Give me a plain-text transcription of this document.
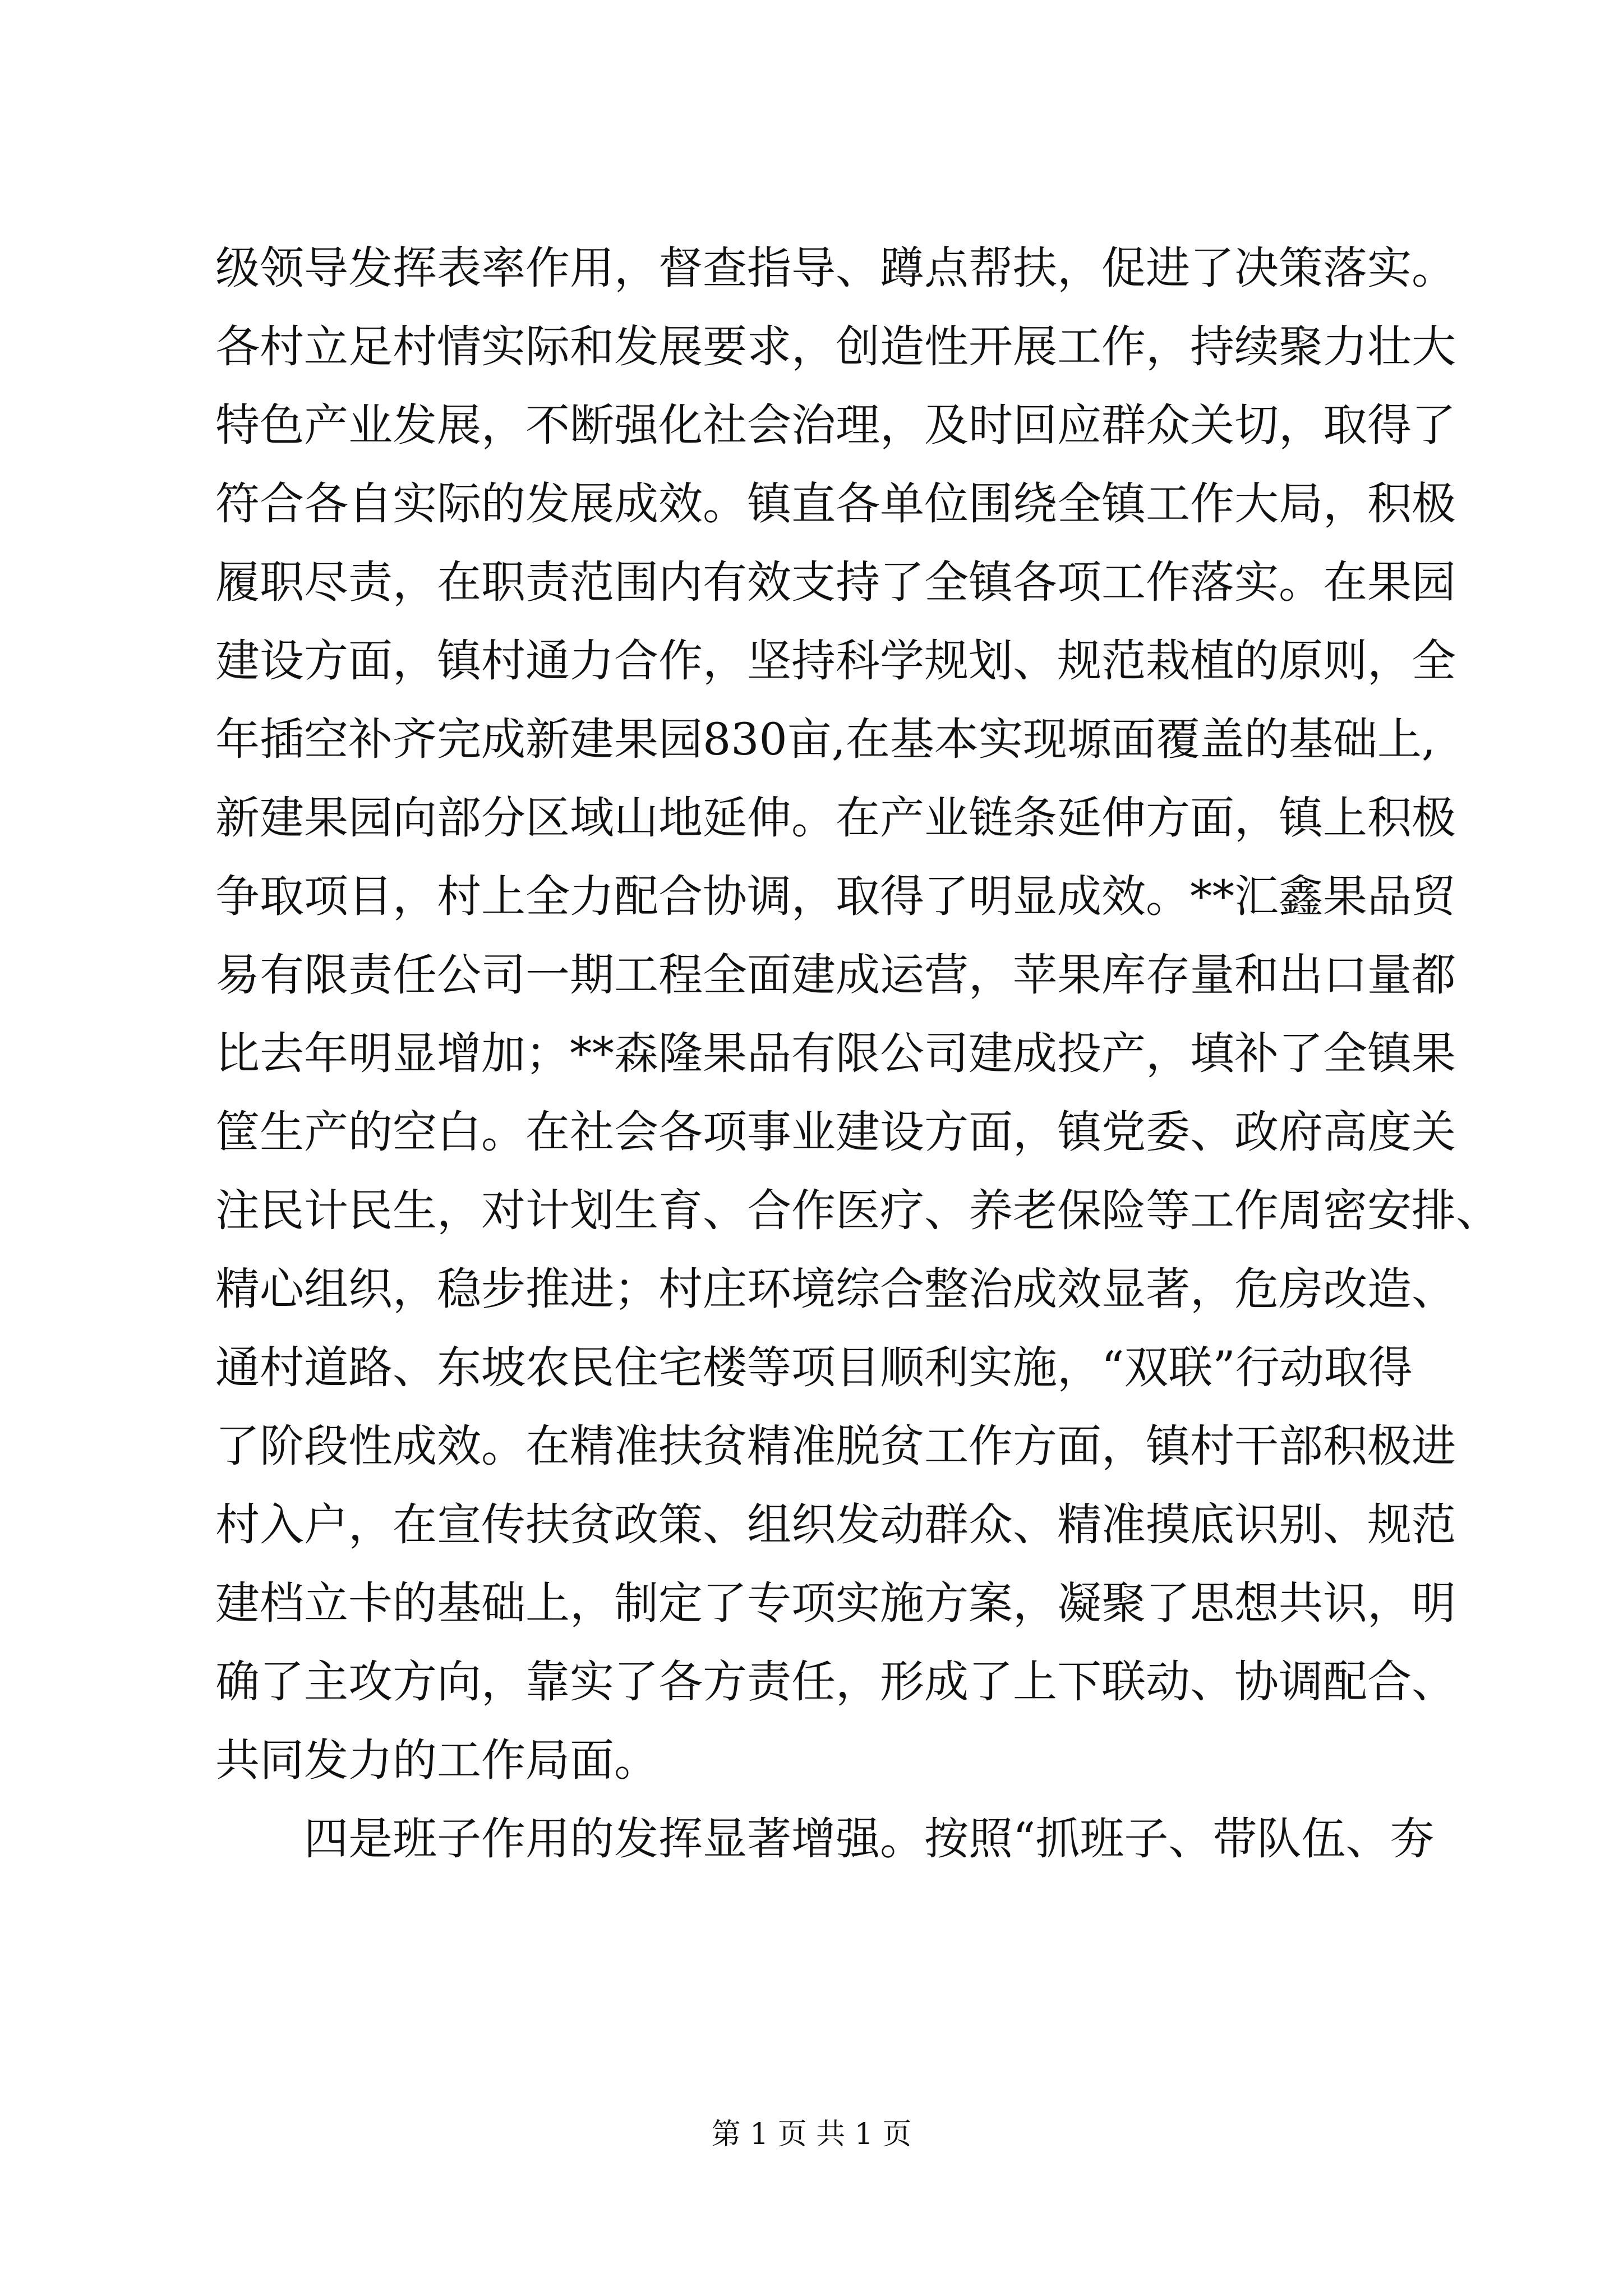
级领导发挥表率作用，督查指导、蹲点帮扶，促进了决策落实。
各村立足村情实际和发展要求，创造性开展工作，持续聚力壮大
特色产业发展，不断强化社会治理，及时回应群众关切，取得了
符合各自实际的发展成效。镇直各单位围绕全镇工作大局，积极
履职尽责，在职责范围内有效支持了全镇各项工作落实。在果园
建设方面，镇村通力合作，坚持科学规划、规范栽植的原则，全
年插空补齐完成新建果园830亩,在基本实现塬面覆盖的基础上,
新建果园向部分区域山地延伸。在产业链条延伸方面，镇上积极
争取项目，村上全力配合协调，取得了明显成效。**汇鑫果品贸
易有限责任公司一期工程全面建成运营，苹果库存量和出口量都
比去年明显增加；**森隆果品有限公司建成投产，填补了全镇果
筐生产的空白。在社会各项事业建设方面，镇党委、政府高度关
注民计民生，对计划生育、合作医疗、养老保险等工作周密安排、
精心组织，稳步推进；村庄环境综合整治成效显著，危房改造、
通村道路、东坡农民住宅楼等项目顺利实施，“双联”行动取得
了阶段性成效。在精准扶贫精准脱贫工作方面，镇村干部积极进
村入户，在宣传扶贫政策、组织发动群众、精准摸底识别、规范
建档立卡的基础上，制定了专项实施方案，凝聚了思想共识，明
确了主攻方向，靠实了各方责任，形成了上下联动、协调配合、
共同发力的工作局面。
四是班子作用的发挥显著增强。按照“抓班子、带队伍、夯
第 1 页 共 1 页
